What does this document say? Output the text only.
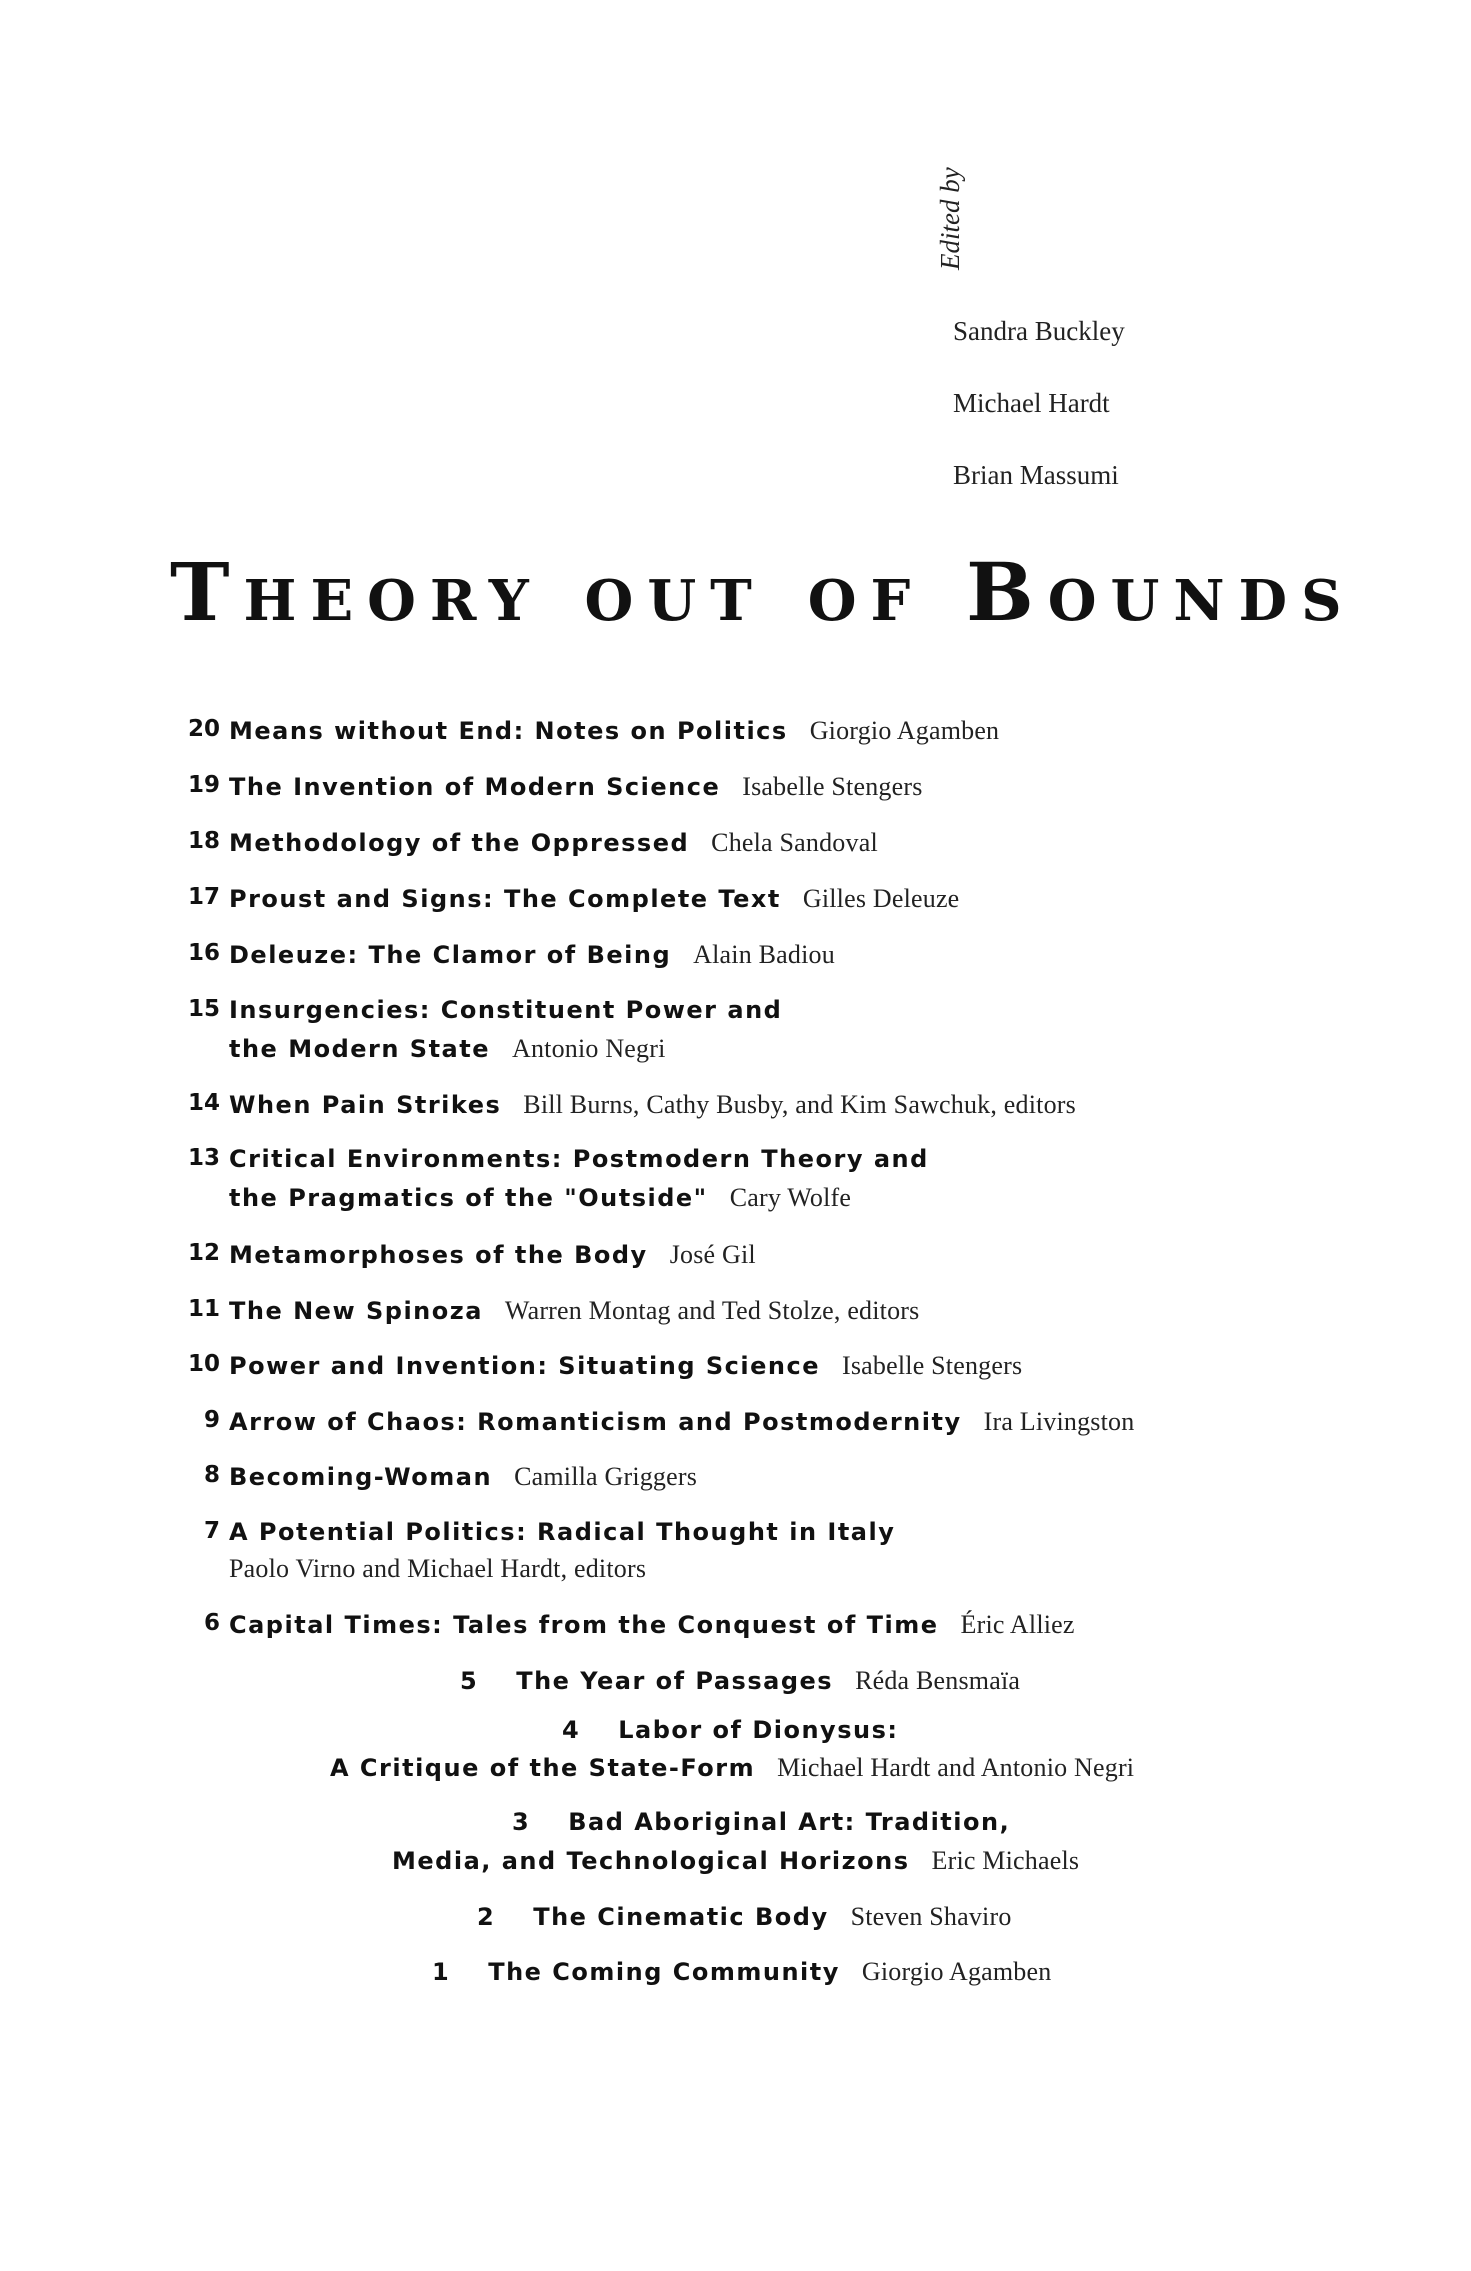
Edited by
Sandra Buckley
Michael Hardt
Brian Massumi
Theory out of Bounds
20 Means without End: Notes on Politics Giorgio Agamben
19 The Invention of Modern Science Isabelle Stengers
18 Methodology of the Oppressed Chela Sandoval
17 Proust and Signs: The Complete Text Gilles Deleuze
16 Deleuze: The Clamor of Being Alain Badiou
15 Insurgencies: Constituent Power and
the Modern State Antonio Negri
14 When Pain Strikes Bill Burns, Cathy Busby, and Kim Sawchuk, editors
13 Critical Environments: Postmodern Theory and
the Pragmatics of the "Outside" Cary Wolfe
12 Metamorphoses of the Body José Gil
11 The New Spinoza Warren Montag and Ted Stolze, editors
10 Power and Invention: Situating Science Isabelle Stengers
9 Arrow of Chaos: Romanticism and Postmodernity Ira Livingston
8 Becoming-Woman Camilla Griggers
7 A Potential Politics: Radical Thought in Italy
Paolo Virno and Michael Hardt, editors
6 Capital Times: Tales from the Conquest of Time Éric Alliez
5 The Year of Passages Réda Bensmaïa
4 Labor of Dionysus:
A Critique of the State-Form Michael Hardt and Antonio Negri
3 Bad Aboriginal Art: Tradition,
Media, and Technological Horizons Eric Michaels
2 The Cinematic Body Steven Shaviro
1 The Coming Community Giorgio Agamben
